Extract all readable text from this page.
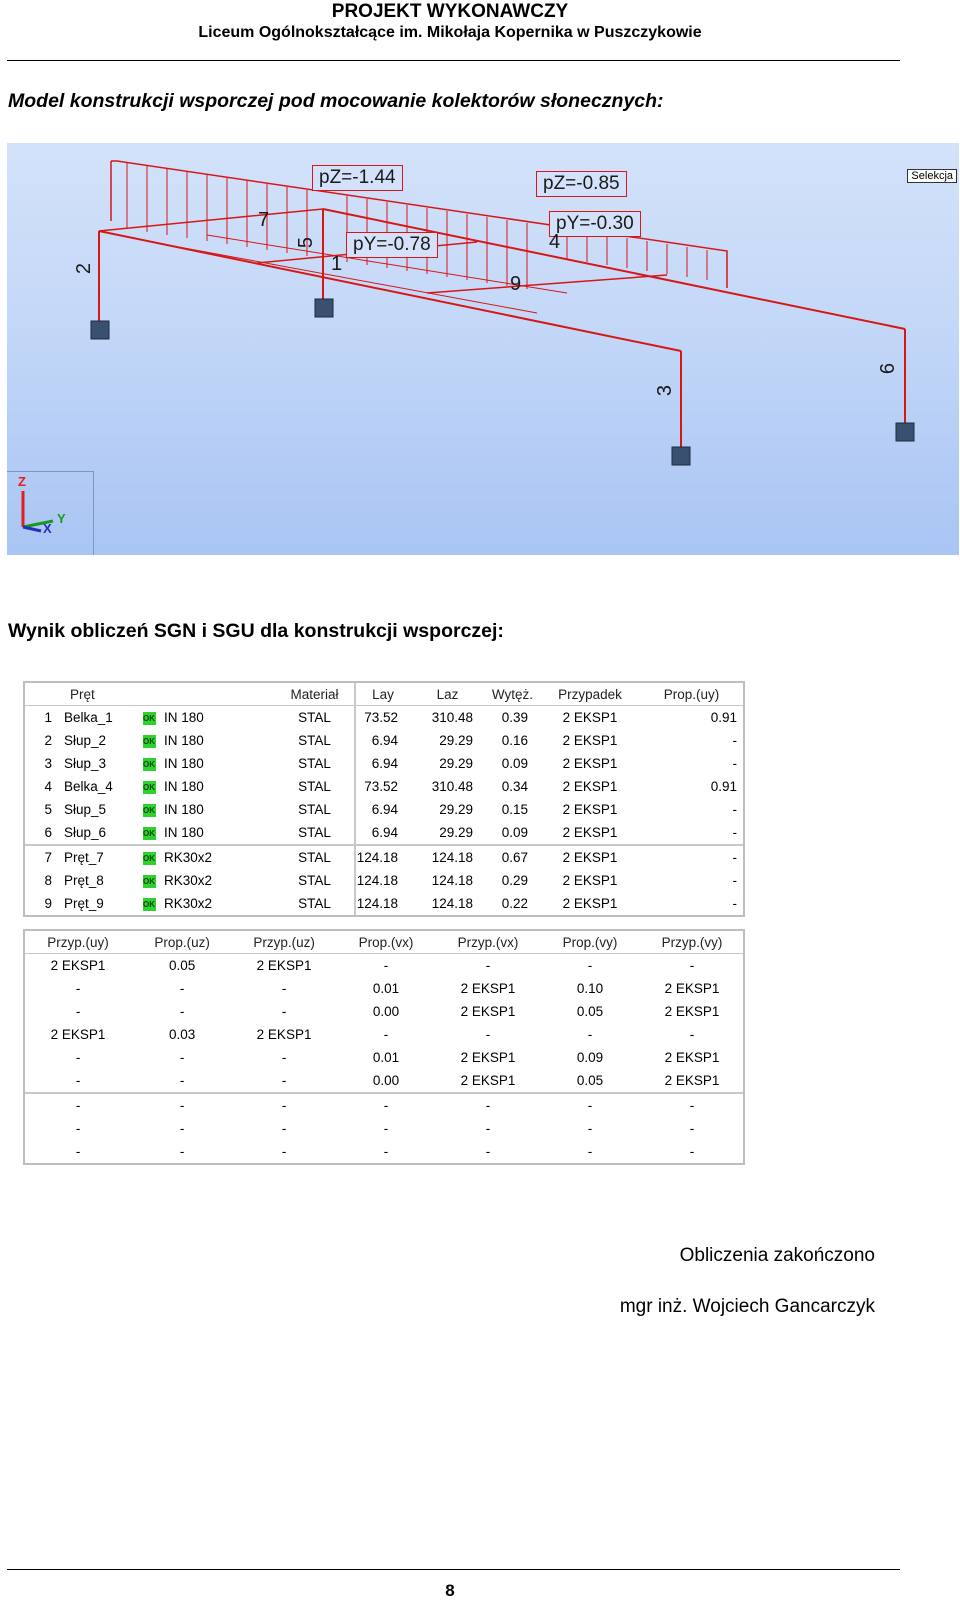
PROJEKT WYKONAWCZY
Liceum Ogólnokształcące im. Mikołaja Kopernika w Puszczykowie
Model konstrukcji wsporczej pod mocowanie kolektorów słonecznych:
Z
Y
X
Selekcja
pZ=-1.44	pZ=-0.85
pY=-0.78
pY=-0.30
1
2
3
4
5
6
7
9
Wynik obliczeń SGN i SGU dla konstrukcji wsporczej:
Pręt				Materiał	Lay	Laz	Wytęż.	Przypadek	Prop.(uy)
1	Belka_1	OK	IN 180	STAL	73.52	310.48	0.39	2 EKSP1	0.91
2	Słup_2	OK	IN 180	STAL	6.94	29.29	0.16	2 EKSP1	-
3	Słup_3	OK	IN 180	STAL	6.94	29.29	0.09	2 EKSP1	-
4	Belka_4	OK	IN 180	STAL	73.52	310.48	0.34	2 EKSP1	0.91
5	Słup_5	OK	IN 180	STAL	6.94	29.29	0.15	2 EKSP1	-
6	Słup_6	OK	IN 180	STAL	6.94	29.29	0.09	2 EKSP1	-
7	Pręt_7	OK	RK30x2	STAL	124.18	124.18	0.67	2 EKSP1	-
8	Pręt_8	OK	RK30x2	STAL	124.18	124.18	0.29	2 EKSP1	-
9	Pręt_9	OK	RK30x2	STAL	124.18	124.18	0.22	2 EKSP1	-
Przyp.(uy)	Prop.(uz)	Przyp.(uz)	Prop.(vx)	Przyp.(vx)	Prop.(vy)	Przyp.(vy)
2 EKSP1	0.05	2 EKSP1	-	-	-	-
-	-	-	0.01	2 EKSP1	0.10	2 EKSP1
-	-	-	0.00	2 EKSP1	0.05	2 EKSP1
2 EKSP1	0.03	2 EKSP1	-	-	-	-
-	-	-	0.01	2 EKSP1	0.09	2 EKSP1
-	-	-	0.00	2 EKSP1	0.05	2 EKSP1
-	-	-	-	-	-	-
-	-	-	-	-	-	-
-	-	-	-	-	-	-
Obliczenia zakończono
mgr inż. Wojciech Gancarczyk
8
